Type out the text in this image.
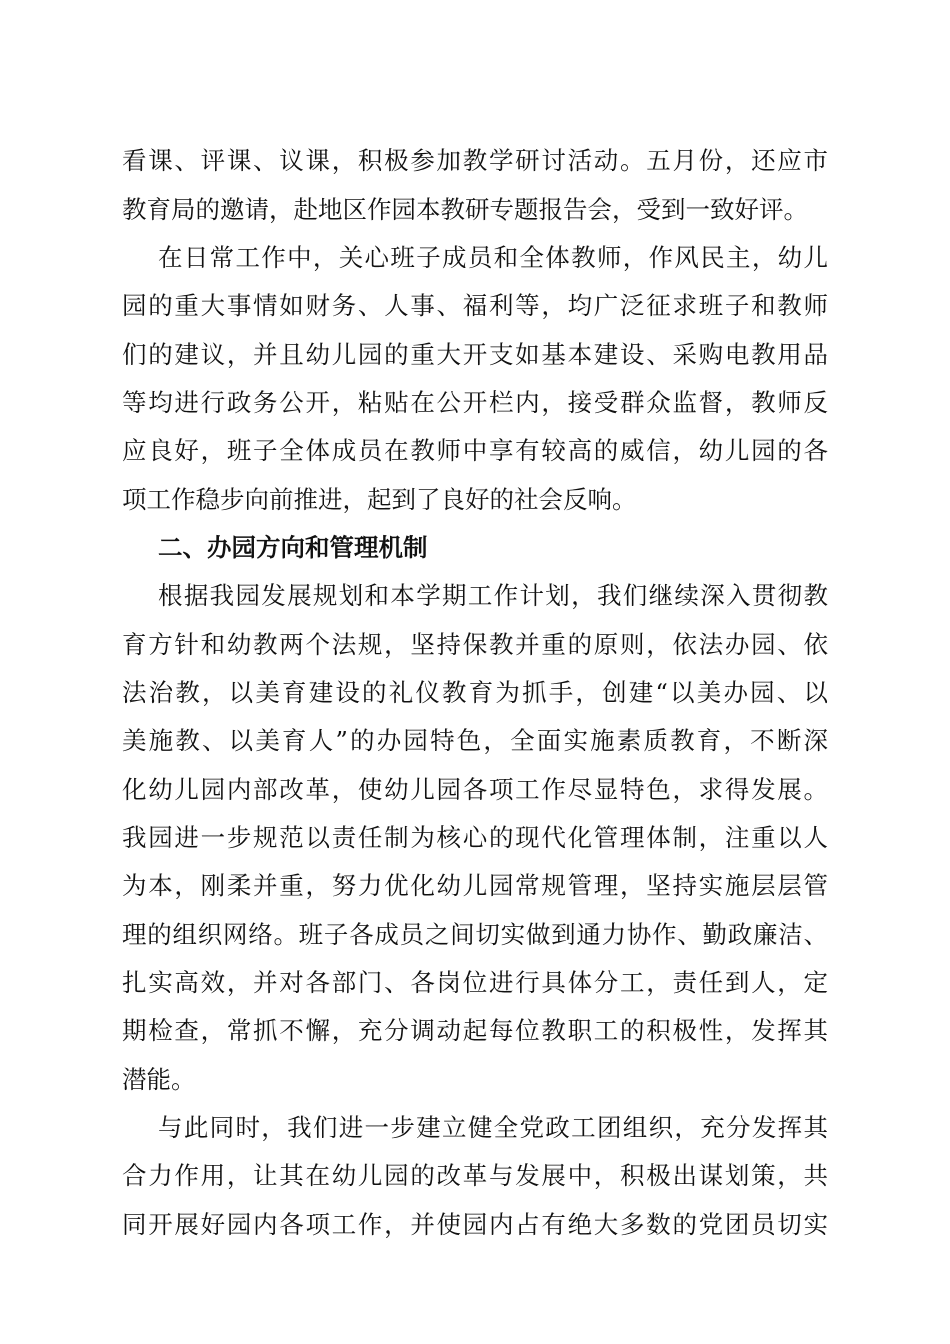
看课、评课、议课，积极参加教学研讨活动。五月份，还应市
教育局的邀请，赴地区作园本教研专题报告会，受到一致好评。
在日常工作中，关心班子成员和全体教师，作风民主，幼儿
园的重大事情如财务、人事、福利等，均广泛征求班子和教师
们的建议，并且幼儿园的重大开支如基本建设、采购电教用品
等均进行政务公开，粘贴在公开栏内，接受群众监督，教师反
应良好，班子全体成员在教师中享有较高的威信，幼儿园的各
项工作稳步向前推进，起到了良好的社会反响。
二、办园方向和管理机制
根据我园发展规划和本学期工作计划，我们继续深入贯彻教
育方针和幼教两个法规，坚持保教并重的原则，依法办园、依
法治教，以美育建设的礼仪教育为抓手，创建“以美办园、以
美施教、以美育人”的办园特色，全面实施素质教育，不断深
化幼儿园内部改革，使幼儿园各项工作尽显特色，求得发展。
我园进一步规范以责任制为核心的现代化管理体制，注重以人
为本，刚柔并重，努力优化幼儿园常规管理，坚持实施层层管
理的组织网络。班子各成员之间切实做到通力协作、勤政廉洁、
扎实高效，并对各部门、各岗位进行具体分工，责任到人，定
期检查，常抓不懈，充分调动起每位教职工的积极性，发挥其
潜能。
与此同时，我们进一步建立健全党政工团组织，充分发挥其
合力作用，让其在幼儿园的改革与发展中，积极出谋划策，共
同开展好园内各项工作，并使园内占有绝大多数的党团员切实
